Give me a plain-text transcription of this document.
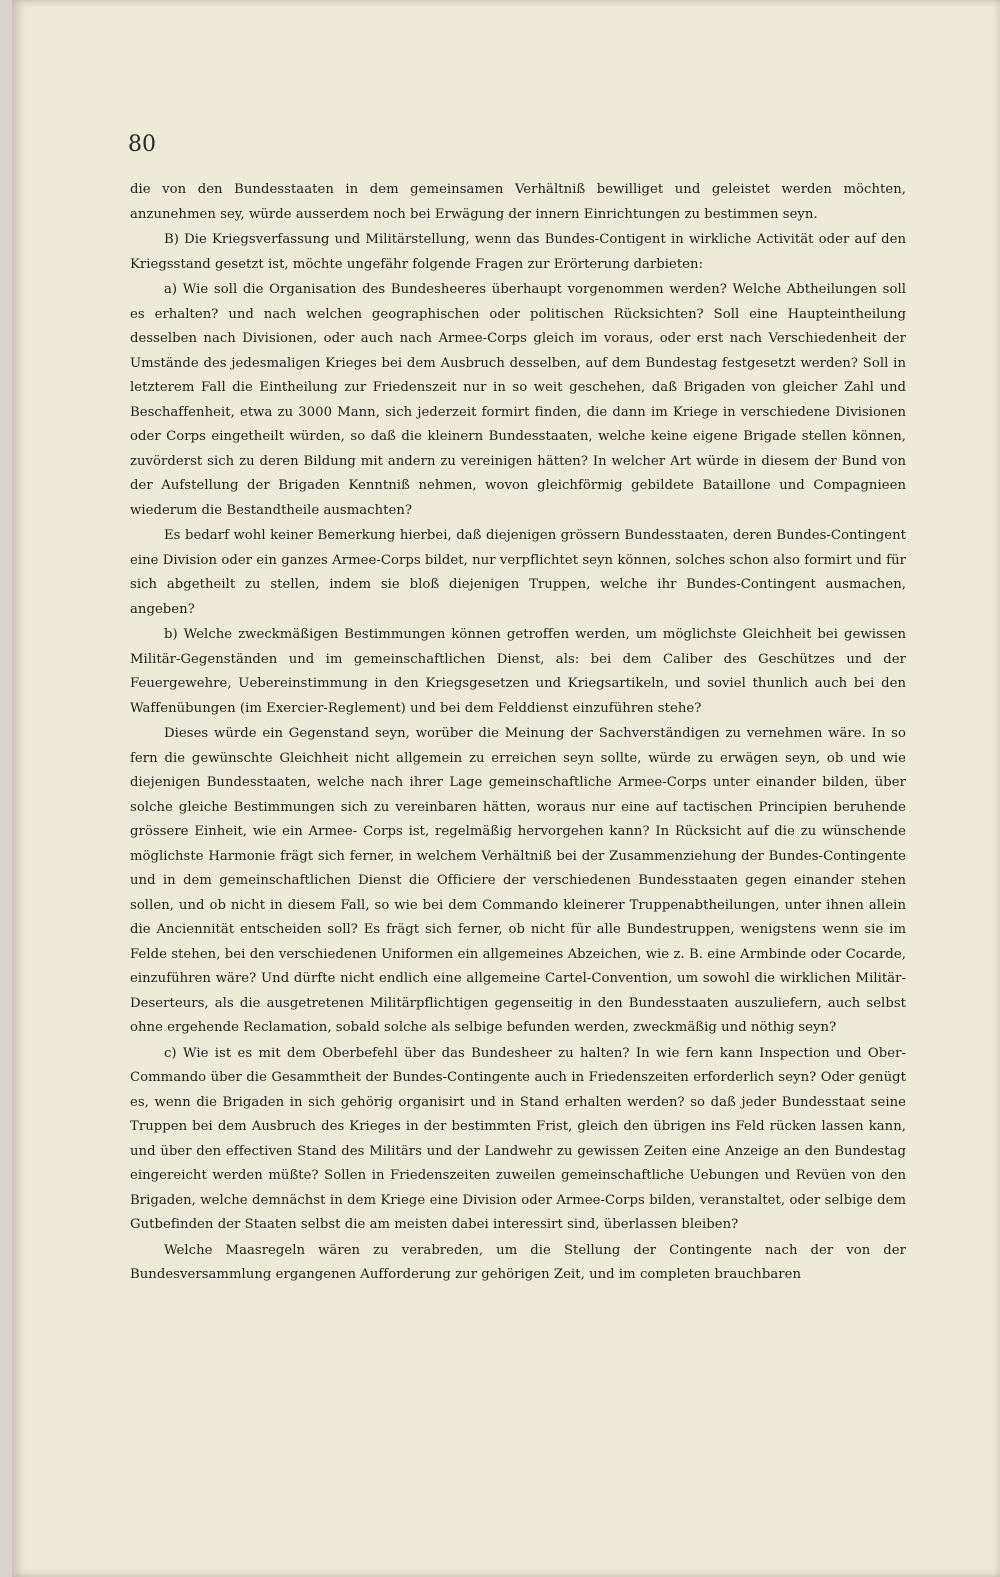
80

die von den Bundesstaaten in dem gemeinsamen Verhältniß bewilliget und geleistet werden möchten, anzunehmen sey, würde ausserdem noch bei Erwägung der innern Einrichtungen zu bestimmen seyn.

B) Die Kriegsverfassung und Militärstellung, wenn das Bundes-Contigent in wirkliche Activität oder auf den Kriegsstand gesetzt ist, möchte ungefähr folgende Fragen zur Erörterung darbieten:

a) Wie soll die Organisation des Bundesheeres überhaupt vorgenommen werden? Welche Abtheilungen soll es erhalten? und nach welchen geographischen oder politischen Rücksichten? Soll eine Haupteintheilung desselben nach Divisionen, oder auch nach Armee-Corps gleich im voraus, oder erst nach Verschiedenheit der Umstände des jedesmaligen Krieges bei dem Ausbruch desselben, auf dem Bundestag festgesetzt werden? Soll in letzterem Fall die Eintheilung zur Friedenszeit nur in so weit geschehen, daß Brigaden von gleicher Zahl und Beschaffenheit, etwa zu 3000 Mann, sich jederzeit formirt finden, die dann im Kriege in verschiedene Divisionen oder Corps eingetheilt würden, so daß die kleinern Bundesstaaten, welche keine eigene Brigade stellen können, zuvörderst sich zu deren Bildung mit andern zu vereinigen hätten? In welcher Art würde in diesem der Bund von der Aufstellung der Brigaden Kenntniß nehmen, wovon gleichförmig gebildete Bataillone und Compagnieen wiederum die Bestandtheile ausmachten?

Es bedarf wohl keiner Bemerkung hierbei, daß diejenigen grössern Bundesstaaten, deren Bundes-Contingent eine Division oder ein ganzes Armee-Corps bildet, nur verpflichtet seyn können, solches schon also formirt und für sich abgetheilt zu stellen, indem sie bloß diejenigen Truppen, welche ihr Bundes-Contingent ausmachen, angeben?

b) Welche zweckmäßigen Bestimmungen können getroffen werden, um möglichste Gleichheit bei gewissen Militär-Gegenständen und im gemeinschaftlichen Dienst, als: bei dem Caliber des Geschützes und der Feuergewehre, Uebereinstimmung in den Kriegsgesetzen und Kriegsartikeln, und soviel thunlich auch bei den Waffenübungen (im Exercier-Reglement) und bei dem Felddienst einzuführen stehe?

Dieses würde ein Gegenstand seyn, worüber die Meinung der Sachverständigen zu vernehmen wäre. In so fern die gewünschte Gleichheit nicht allgemein zu erreichen seyn sollte, würde zu erwägen seyn, ob und wie diejenigen Bundesstaaten, welche nach ihrer Lage gemeinschaftliche Armee-Corps unter einander bilden, über solche gleiche Bestimmungen sich zu vereinbaren hätten, woraus nur eine auf tactischen Principien beruhende grössere Einheit, wie ein Armee- Corps ist, regelmäßig hervorgehen kann? In Rücksicht auf die zu wünschende möglichste Harmonie frägt sich ferner, in welchem Verhältniß bei der Zusammenziehung der Bundes-Contingente und in dem gemeinschaftlichen Dienst die Officiere der verschiedenen Bundesstaaten gegen einander stehen sollen, und ob nicht in diesem Fall, so wie bei dem Commando kleinerer Truppenabtheilungen, unter ihnen allein die Anciennität entscheiden soll? Es frägt sich ferner, ob nicht für alle Bundestruppen, wenigstens wenn sie im Felde stehen, bei den verschiedenen Uniformen ein allgemeines Abzeichen, wie z. B. eine Armbinde oder Cocarde, einzuführen wäre? Und dürfte nicht endlich eine allgemeine Cartel-Convention, um sowohl die wirklichen Militär-Deserteurs, als die ausgetretenen Militärpflichtigen gegenseitig in den Bundesstaaten auszuliefern, auch selbst ohne ergehende Reclamation, sobald solche als selbige befunden werden, zweckmäßig und nöthig seyn?

c) Wie ist es mit dem Oberbefehl über das Bundesheer zu halten? In wie fern kann Inspection und Ober-Commando über die Gesammtheit der Bundes-Contingente auch in Friedenszeiten erforderlich seyn? Oder genügt es, wenn die Brigaden in sich gehörig organisirt und in Stand erhalten werden? so daß jeder Bundesstaat seine Truppen bei dem Ausbruch des Krieges in der bestimmten Frist, gleich den übrigen ins Feld rücken lassen kann, und über den effectiven Stand des Militärs und der Landwehr zu gewissen Zeiten eine Anzeige an den Bundestag eingereicht werden müßte? Sollen in Friedenszeiten zuweilen gemeinschaftliche Uebungen und Revüen von den Brigaden, welche demnächst in dem Kriege eine Division oder Armee-Corps bilden, veranstaltet, oder selbige dem Gutbefinden der Staaten selbst die am meisten dabei interessirt sind, überlassen bleiben?

Welche Maasregeln wären zu verabreden, um die Stellung der Contingente nach der von der Bundesversammlung ergangenen Aufforderung zur gehörigen Zeit, und im completen brauchbaren
